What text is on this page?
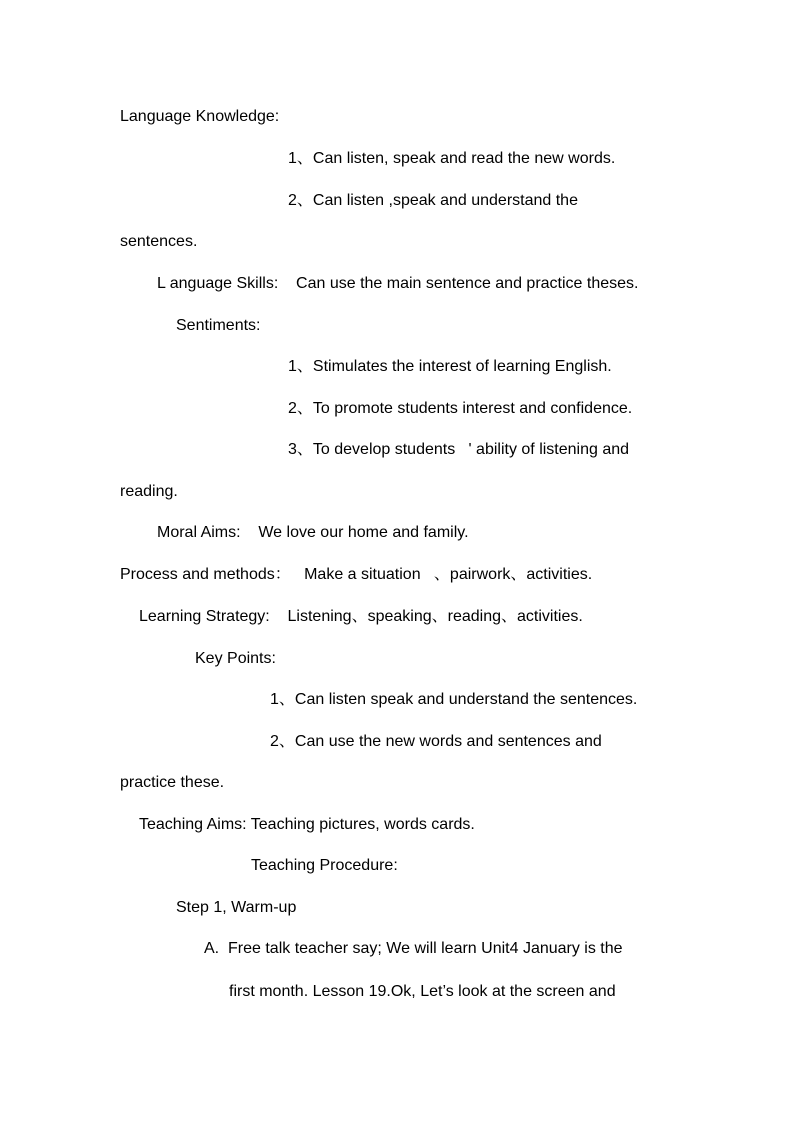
Language Knowledge:

1、Can listen, speak and read the new words.

2、Can listen ,speak and understand the

sentences.

L anguage Skills:    Can use the main sentence and practice theses.

Sentiments:

1、Stimulates the interest of learning English.

2、To promote students interest and confidence.

3、To develop students   ' ability of listening and

reading.

Moral Aims:    We love our home and family.

Process and methods：   Make a situation   、pairwork、activities.

Learning Strategy:    Listening、speaking、reading、activities.

Key Points:

1、Can listen speak and understand the sentences.

2、Can use the new words and sentences and

practice these.

Teaching Aims: Teaching pictures, words cards.

Teaching Procedure:

Step 1, Warm-up

A.  Free talk teacher say; We will learn Unit4 January is the

first month. Lesson 19.Ok, Let’s look at the screen and
